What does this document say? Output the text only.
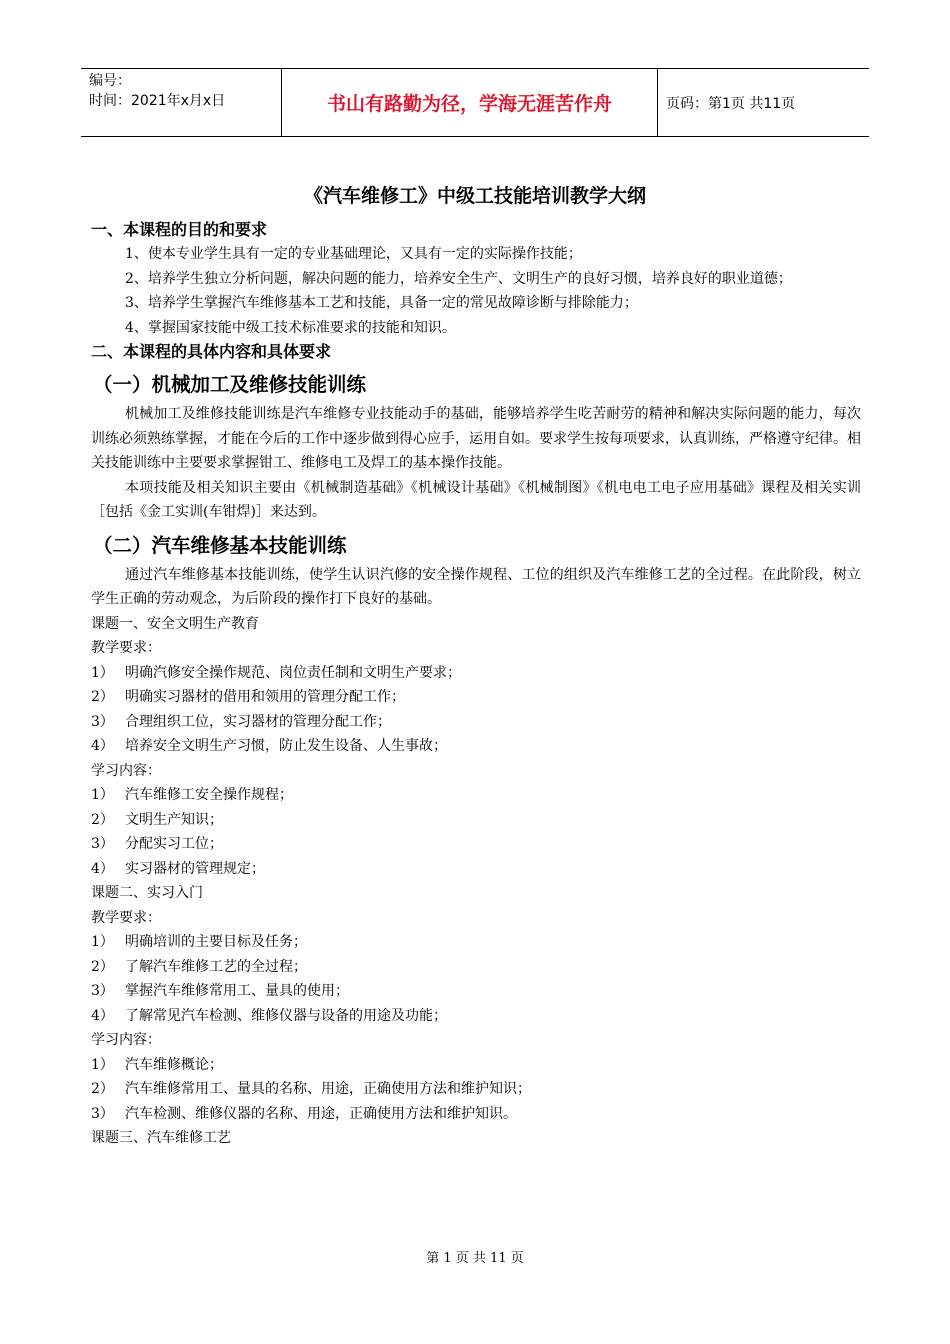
编号：
时间：2021年x月x日	书山有路勤为径，学海无涯苦作舟	页码：第1页 共11页
《汽车维修工》中级工技能培训教学大纲
一、本课程的目的和要求
1、使本专业学生具有一定的专业基础理论，又具有一定的实际操作技能；
2、培养学生独立分析问题，解决问题的能力，培养安全生产、文明生产的良好习惯，培养良好的职业道德；
3、培养学生掌握汽车维修基本工艺和技能，具备一定的常见故障诊断与排除能力；
4、掌握国家技能中级工技术标准要求的技能和知识。
二、本课程的具体内容和具体要求
（一）机械加工及维修技能训练
机械加工及维修技能训练是汽车维修专业技能动手的基础，能够培养学生吃苦耐劳的精神和解决实际问题的能力，每次训练必须熟练掌握，才能在今后的工作中逐步做到得心应手，运用自如。要求学生按每项要求，认真训练，严格遵守纪律。相关技能训练中主要要求掌握钳工、维修电工及焊工的基本操作技能。
本项技能及相关知识主要由《机械制造基础》《机械设计基础》《机械制图》《机电电工电子应用基础》课程及相关实训［包括《金工实训(车钳焊)］来达到。
（二）汽车维修基本技能训练
通过汽车维修基本技能训练，使学生认识汽修的安全操作规程、工位的组织及汽车维修工艺的全过程。在此阶段，树立学生正确的劳动观念，为后阶段的操作打下良好的基础。
课题一、安全文明生产教育
教学要求：
1） 明确汽修安全操作规范、岗位责任制和文明生产要求；
2） 明确实习器材的借用和领用的管理分配工作；
3） 合理组织工位，实习器材的管理分配工作；
4） 培养安全文明生产习惯，防止发生设备、人生事故；
学习内容：
1） 汽车维修工安全操作规程；
2） 文明生产知识；
3） 分配实习工位；
4） 实习器材的管理规定；
课题二、实习入门
教学要求：
1） 明确培训的主要目标及任务；
2） 了解汽车维修工艺的全过程；
3） 掌握汽车维修常用工、量具的使用；
4） 了解常见汽车检测、维修仪器与设备的用途及功能；
学习内容：
1） 汽车维修概论；
2） 汽车维修常用工、量具的名称、用途，正确使用方法和维护知识；
3） 汽车检测、维修仪器的名称、用途，正确使用方法和维护知识。
课题三、汽车维修工艺
第 1 页 共 11 页
